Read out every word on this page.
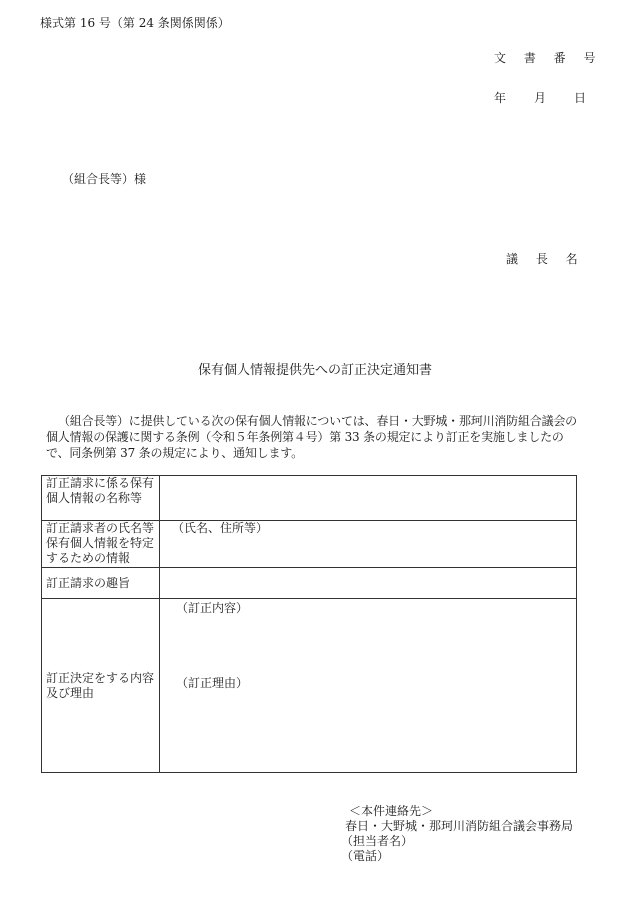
様式第 16 号（第 24 条関係関係）
文 書 番 号
年 月 日
（組合長等）様
議 長 名
保有個人情報提供先への訂正決定通知書
（組合長等）に提供している次の保有個人情報については、春日・大野城・那珂川消防組合議会の個人情報の保護に関する条例（令和５年条例第４号）第 33 条の規定により訂正を実施しましたので、同条例第 37 条の規定により、通知します。
訂正請求に係る保有個人情報の名称等	
訂正請求者の氏名等保有個人情報を特定するための情報	（氏名、住所等）
訂正請求の趣旨	
訂正決定をする内容及び理由	（訂正内容）
（訂正理由）
＜本件連絡先＞
春日・大野城・那珂川消防組合議会事務局
（担当者名）
（電話）
